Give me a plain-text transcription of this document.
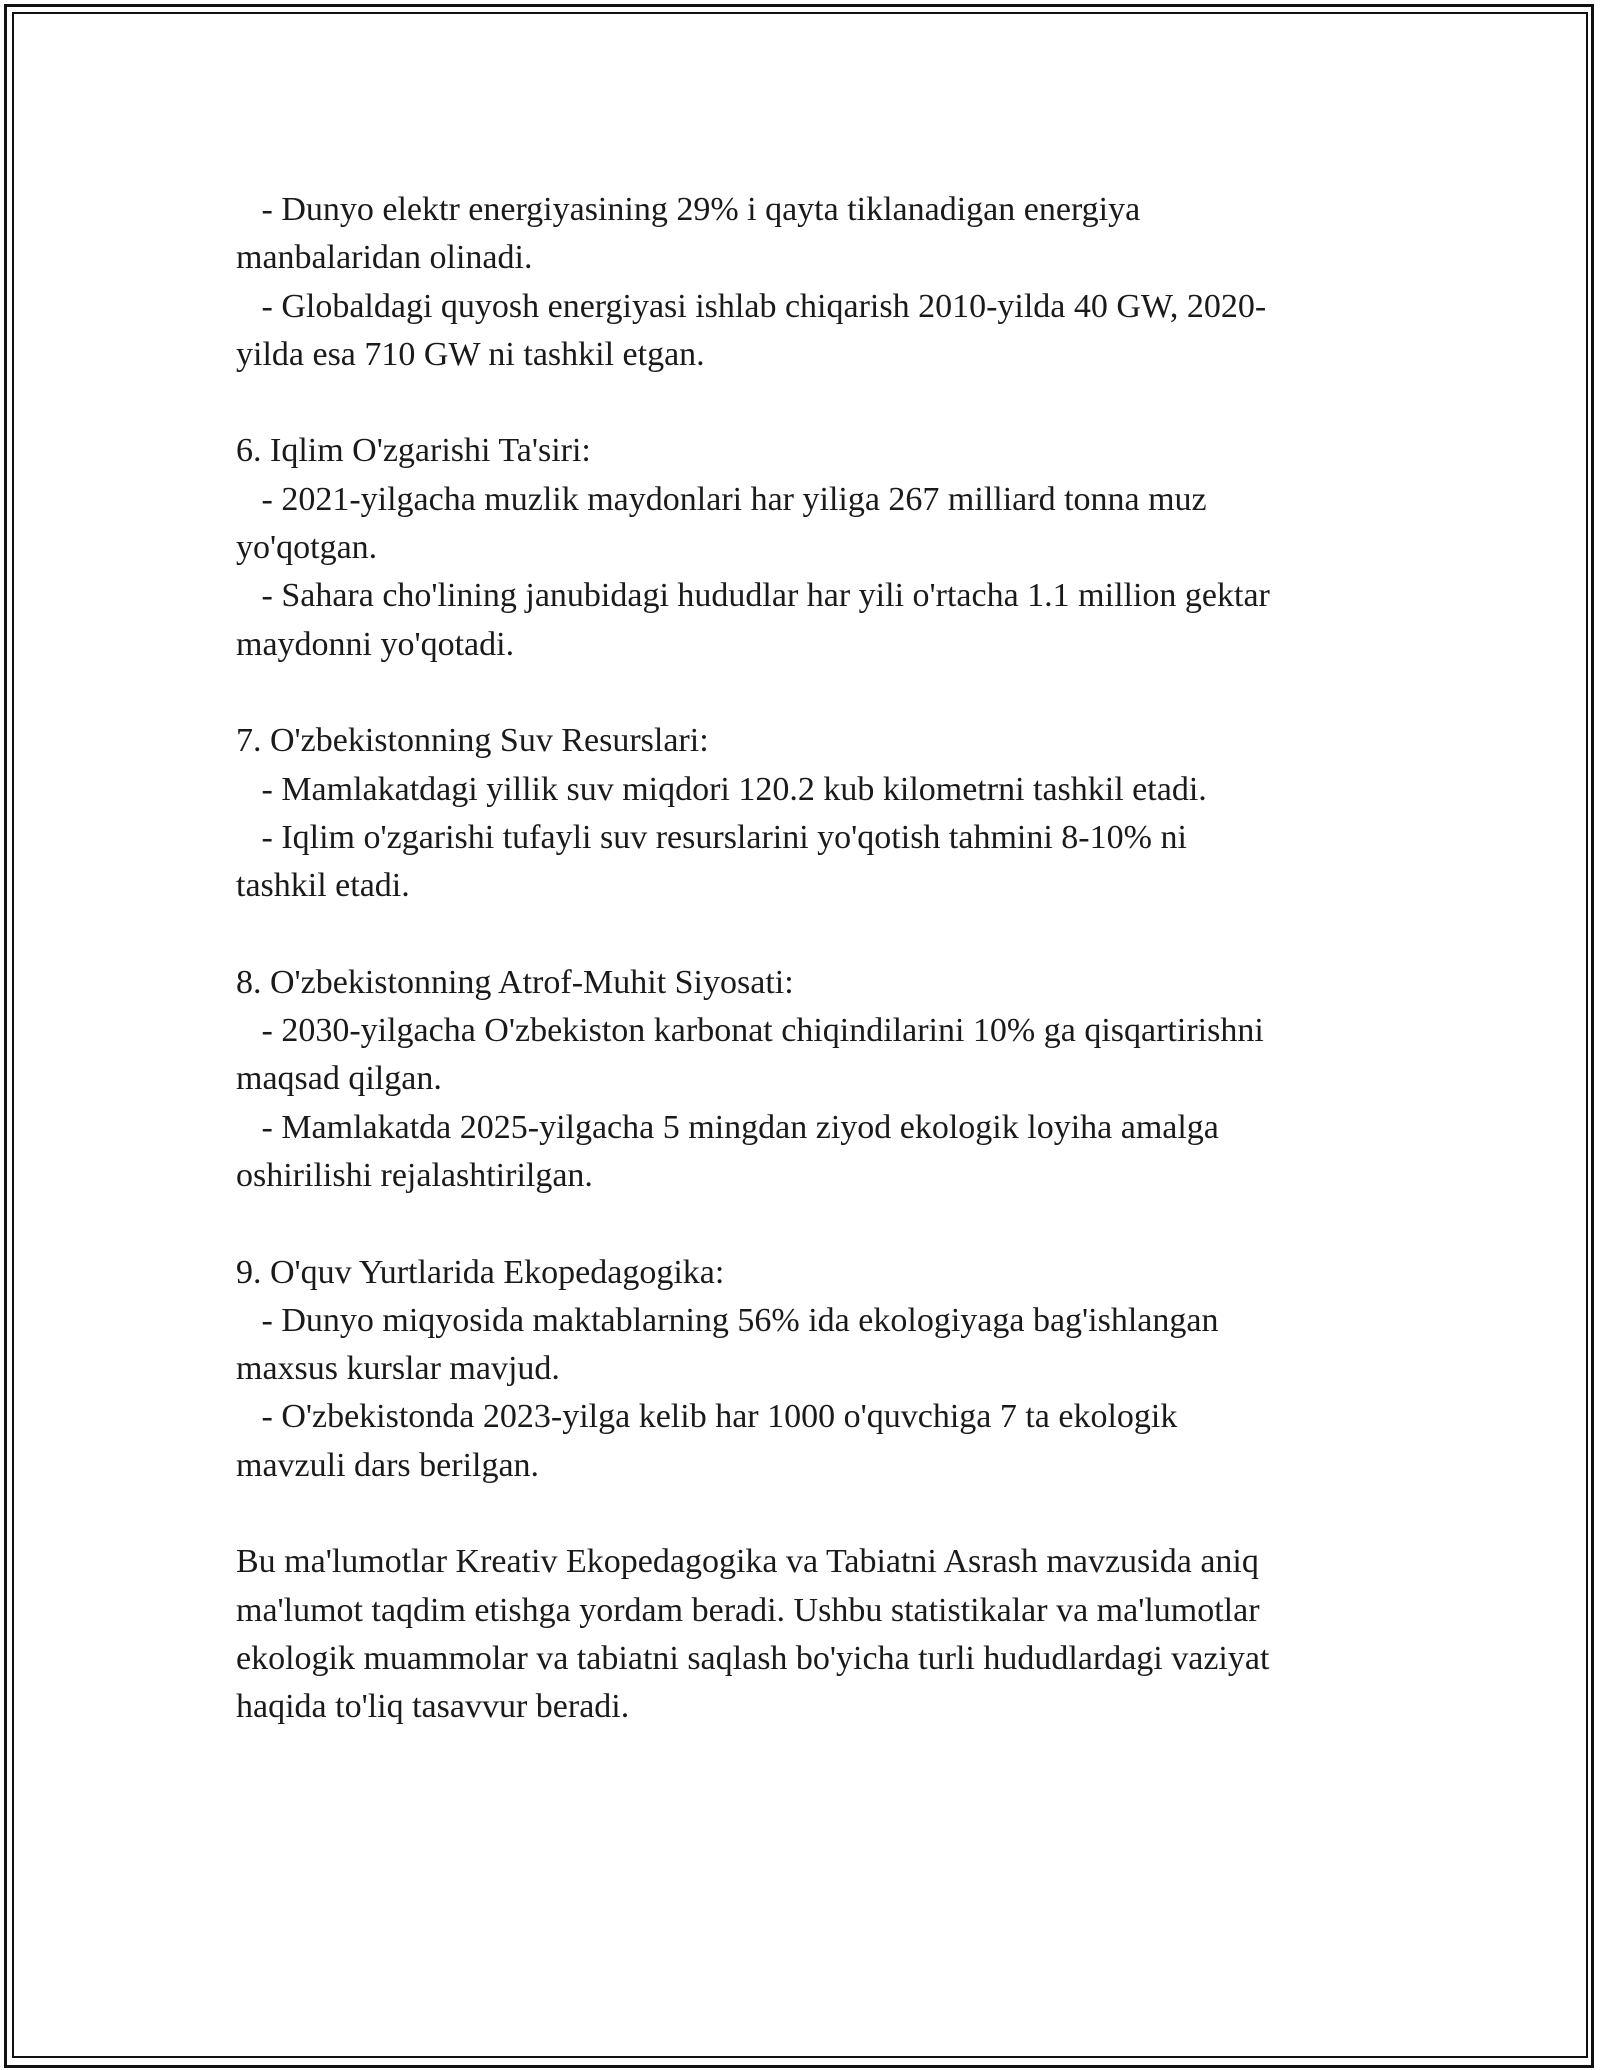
- Dunyo elektr energiyasining 29% i qayta tiklanadigan energiya
manbalaridan olinadi.
- Globaldagi quyosh energiyasi ishlab chiqarish 2010-yilda 40 GW, 2020-
yilda esa 710 GW ni tashkil etgan.
6. Iqlim O'zgarishi Ta'siri:
- 2021-yilgacha muzlik maydonlari har yiliga 267 milliard tonna muz
yo'qotgan.
- Sahara cho'lining janubidagi hududlar har yili o'rtacha 1.1 million gektar
maydonni yo'qotadi.
7. O'zbekistonning Suv Resurslari:
- Mamlakatdagi yillik suv miqdori 120.2 kub kilometrni tashkil etadi.
- Iqlim o'zgarishi tufayli suv resurslarini yo'qotish tahmini 8-10% ni
tashkil etadi.
8. O'zbekistonning Atrof-Muhit Siyosati:
- 2030-yilgacha O'zbekiston karbonat chiqindilarini 10% ga qisqartirishni
maqsad qilgan.
- Mamlakatda 2025-yilgacha 5 mingdan ziyod ekologik loyiha amalga
oshirilishi rejalashtirilgan.
9. O'quv Yurtlarida Ekopedagogika:
- Dunyo miqyosida maktablarning 56% ida ekologiyaga bag'ishlangan
maxsus kurslar mavjud.
- O'zbekistonda 2023-yilga kelib har 1000 o'quvchiga 7 ta ekologik
mavzuli dars berilgan.
Bu ma'lumotlar Kreativ Ekopedagogika va Tabiatni Asrash mavzusida aniq
ma'lumot taqdim etishga yordam beradi. Ushbu statistikalar va ma'lumotlar
ekologik muammolar va tabiatni saqlash bo'yicha turli hududlardagi vaziyat
haqida to'liq tasavvur beradi.
